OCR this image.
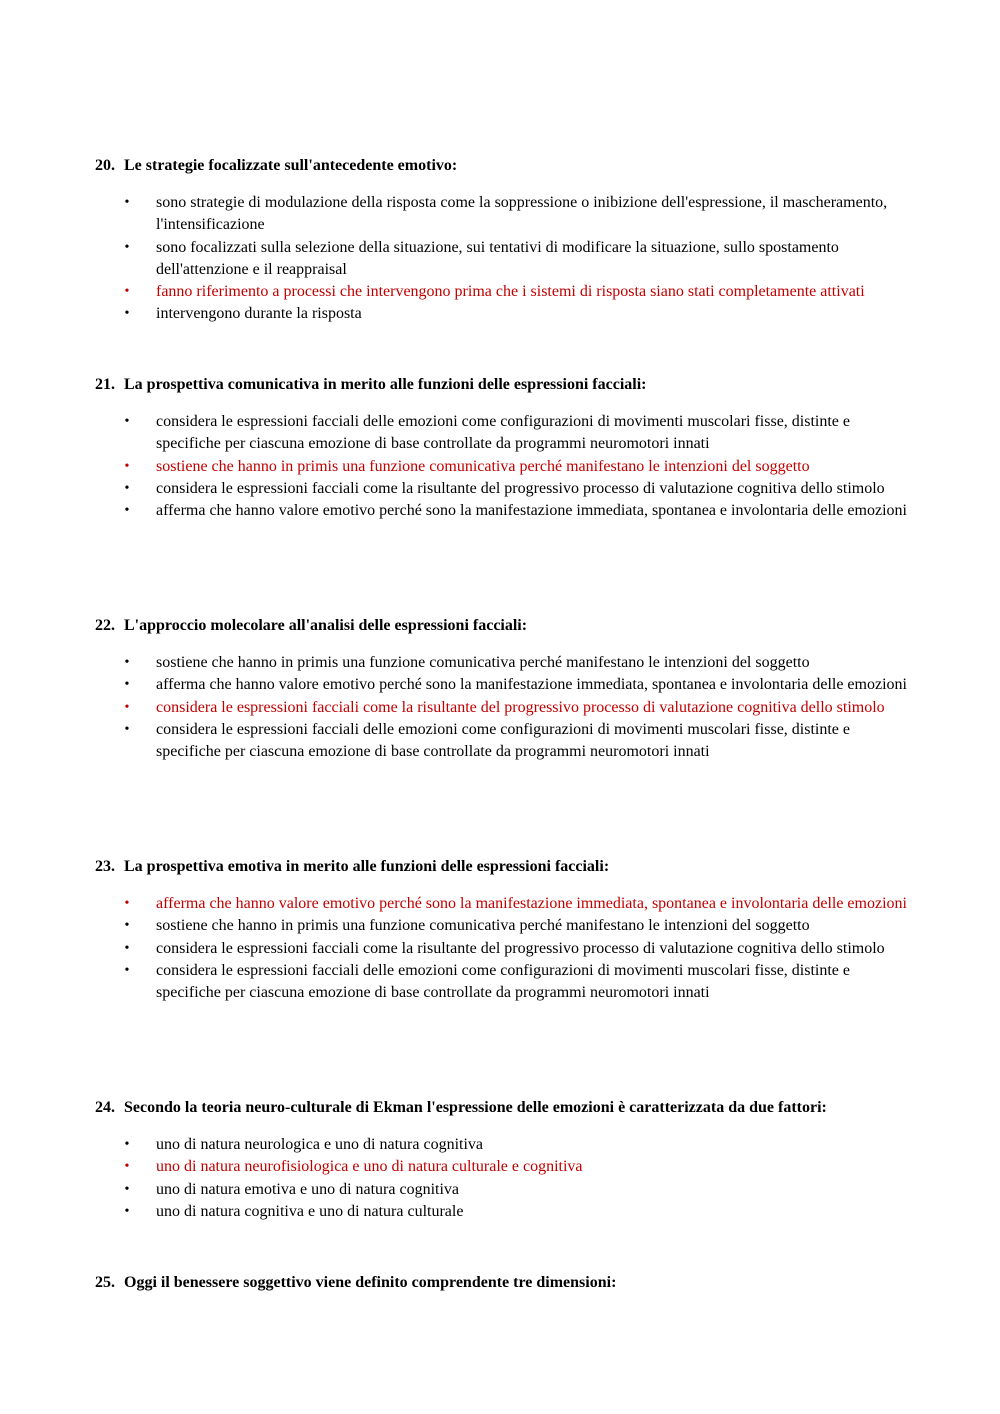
20. Le strategie focalizzate sull'antecedente emotivo:

• sono strategie di modulazione della risposta come la soppressione o inibizione dell'espressione, il mascheramento, l'intensificazione
• sono focalizzati sulla selezione della situazione, sui tentativi di modificare la situazione, sullo spostamento dell'attenzione e il reappraisal
• fanno riferimento a processi che intervengono prima che i sistemi di risposta siano stati completamente attivati
• intervengono durante la risposta

21. La prospettiva comunicativa in merito alle funzioni delle espressioni facciali:

• considera le espressioni facciali delle emozioni come configurazioni di movimenti muscolari fisse, distinte e specifiche per ciascuna emozione di base controllate da programmi neuromotori innati
• sostiene che hanno in primis una funzione comunicativa perché manifestano le intenzioni del soggetto
• considera le espressioni facciali come la risultante del progressivo processo di valutazione cognitiva dello stimolo
• afferma che hanno valore emotivo perché sono la manifestazione immediata, spontanea e involontaria delle emozioni

22. L'approccio molecolare all'analisi delle espressioni facciali:

• sostiene che hanno in primis una funzione comunicativa perché manifestano le intenzioni del soggetto
• afferma che hanno valore emotivo perché sono la manifestazione immediata, spontanea e involontaria delle emozioni
• considera le espressioni facciali come la risultante del progressivo processo di valutazione cognitiva dello stimolo
• considera le espressioni facciali delle emozioni come configurazioni di movimenti muscolari fisse, distinte e specifiche per ciascuna emozione di base controllate da programmi neuromotori innati

23. La prospettiva emotiva in merito alle funzioni delle espressioni facciali:

• afferma che hanno valore emotivo perché sono la manifestazione immediata, spontanea e involontaria delle emozioni
• sostiene che hanno in primis una funzione comunicativa perché manifestano le intenzioni del soggetto
• considera le espressioni facciali come la risultante del progressivo processo di valutazione cognitiva dello stimolo
• considera le espressioni facciali delle emozioni come configurazioni di movimenti muscolari fisse, distinte e specifiche per ciascuna emozione di base controllate da programmi neuromotori innati

24. Secondo la teoria neuro-culturale di Ekman l'espressione delle emozioni è caratterizzata da due fattori:

• uno di natura neurologica e uno di natura cognitiva
• uno di natura neurofisiologica e uno di natura culturale e cognitiva
• uno di natura emotiva e uno di natura cognitiva
• uno di natura cognitiva e uno di natura culturale

25. Oggi il benessere soggettivo viene definito comprendente tre dimensioni:
